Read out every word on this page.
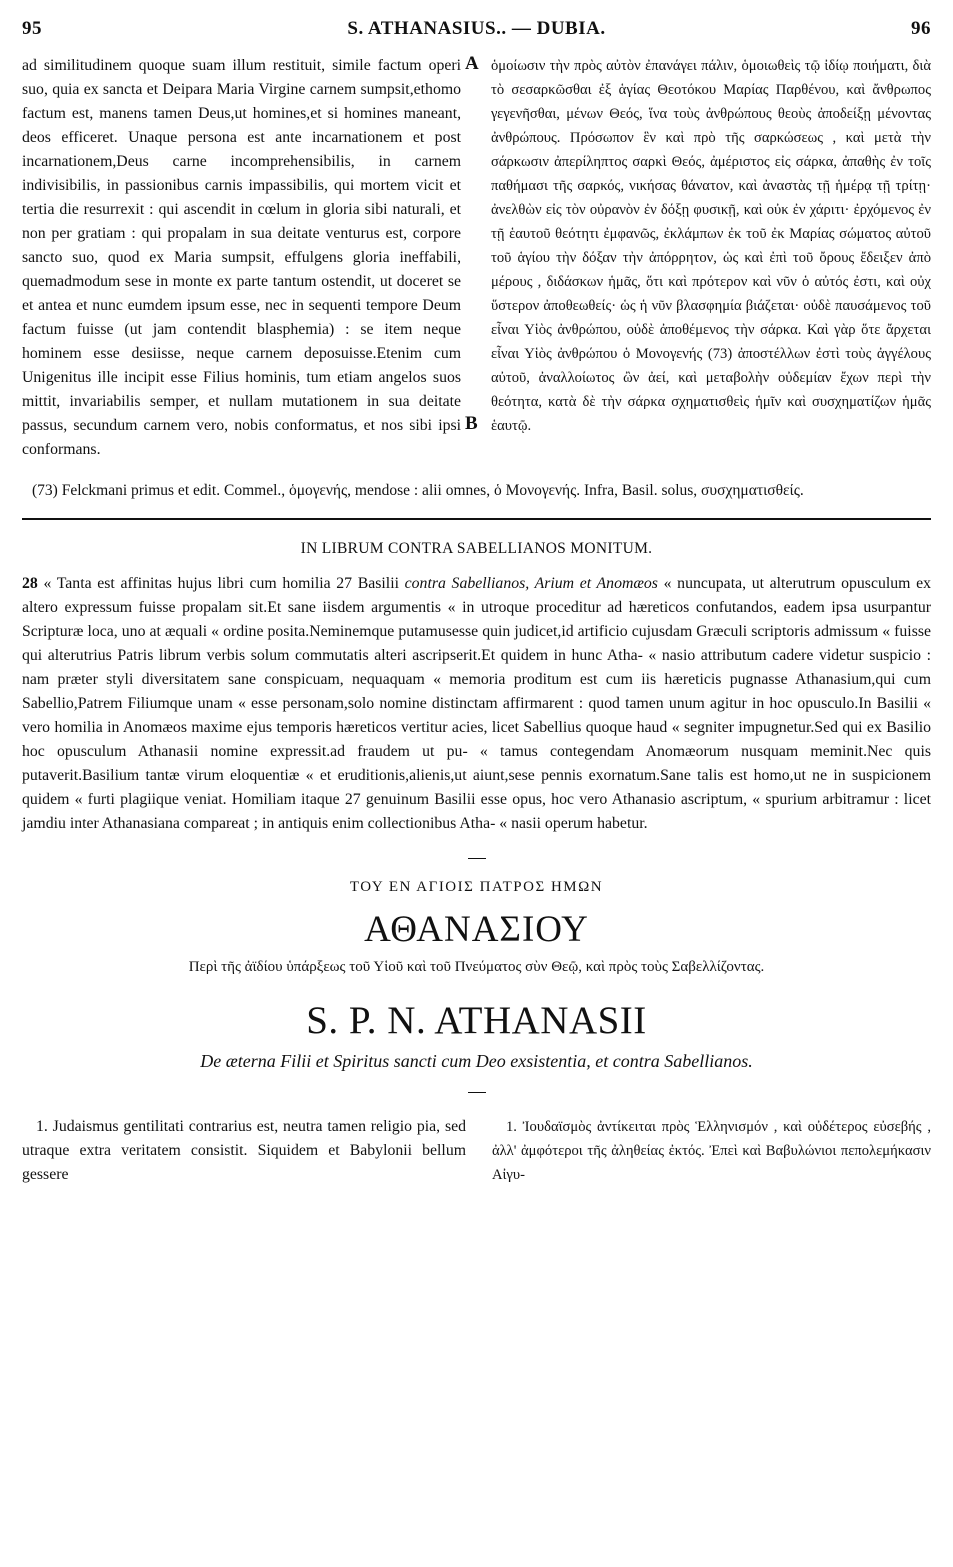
95	S. ATHANASIUS.. — DUBIA.	96

ad similitudinem quoque suam illum restituit, simile factum operi suo, quia ex sancta et Deipara Maria Virgine carnem sumpsit,ethomo factum est, manens tamen Deus,ut homines,et si homines maneant, deos efficeret. Unaque persona est ante incarnationem et post incarnationem,Deus carne incomprehensibilis, in carnem indivisibilis, in passionibus carnis impassibilis, qui mortem vicit et tertia die resurrexit : qui ascendit in cœlum in gloria sibi naturali, et non per gratiam : qui propalam in sua deitate venturus est, corpore sancto suo, quod ex Maria sumpsit, effulgens gloria ineffabili, quemadmodum sese in monte ex parte tantum ostendit, ut doceret se et antea et nunc eumdem ipsum esse, nec in sequenti tempore Deum factum fuisse (ut jam contendit blasphemia) : se item neque hominem esse desiisse, neque carnem deposuisse.Etenim cum Unigenitus ille incipit esse Filius hominis, tum etiam angelos suos mittit, invariabilis semper, et nullam mutationem in sua deitate passus, secundum carnem vero, nobis conformatus, et nos sibi ipsi conformans.

A
B

ὁμοίωσιν τὴν πρὸς αὐτὸν ἐπανάγει πάλιν, ὁμοιωθεὶς τῷ ἰδίῳ ποιήματι, διὰ τὸ σεσαρκῶσθαι ἐξ ἁγίας Θεοτόκου Μαρίας Παρθένου, καὶ ἄνθρωπος γεγενῆσθαι, μένων Θεός, ἵνα τοὺς ἀνθρώπους θεοὺς ἀποδείξῃ μένοντας ἀνθρώπους. Πρόσωπον ἓν καὶ πρὸ τῆς σαρκώσεως , καὶ μετὰ τὴν σάρκωσιν ἀπερίληπτος σαρκὶ Θεός, ἀμέριστος εἰς σάρκα, ἀπαθὴς ἐν τοῖς παθήμασι τῆς σαρκός, νικήσας θάνατον, καὶ ἀναστὰς τῇ ἡμέρᾳ τῇ τρίτῃ· ἀνελθὼν εἰς τὸν οὐρανὸν ἐν δόξῃ φυσικῇ, καὶ οὐκ ἐν χάριτι· ἐρχόμενος ἐν τῇ ἑαυτοῦ θεότητι ἐμφανῶς, ἐκλάμπων ἐκ τοῦ ἐκ Μαρίας σώματος αὐτοῦ τοῦ ἁγίου τὴν δόξαν τὴν ἀπόρρητον, ὡς καὶ ἐπὶ τοῦ ὄρους ἔδειξεν ἀπὸ μέρους , διδάσκων ἡμᾶς, ὅτι καὶ πρότερον καὶ νῦν ὁ αὐτός ἐστι, καὶ οὐχ ὕστερον ἀποθεωθείς· ὡς ἡ νῦν βλασφημία βιάζεται· οὐδὲ παυσάμενος τοῦ εἶναι Υἱὸς ἀνθρώπου, οὐδὲ ἀποθέμενος τὴν σάρκα. Καὶ γὰρ ὅτε ἄρχεται εἶναι Υἱὸς ἀνθρώπου ὁ Μονογενής (73) ἀποστέλλων ἐστὶ τοὺς ἀγγέλους αὐτοῦ, ἀναλλοίωτος ὢν ἀεί, καὶ μεταβολὴν οὐδεμίαν ἔχων περὶ τὴν θεότητα, κατὰ δὲ τὴν σάρκα σχηματισθεὶς ἡμῖν καὶ συσχηματίζων ἡμᾶς ἑαυτῷ.

(73) Felckmani primus et edit. Commel., ὁμογενής, mendose : alii omnes, ὁ Μονογενής. Infra, Basil. solus, συσχηματισθείς.
IN LIBRUM CONTRA SABELLIANOS MONITUM.

28 « Tanta est affinitas hujus libri cum homilia 27 Basilii contra Sabellianos, Arium et Anomæos « nuncupata, ut alterutrum opusculum ex altero expressum fuisse propalam sit.Et sane iisdem argumentis « in utroque proceditur ad hæreticos confutandos, eadem ipsa usurpantur Scripturæ loca, uno at æquali « ordine posita.Neminemque putamusesse quin judicet,id artificio cujusdam Græculi scriptoris admissum « fuisse qui alterutrius Patris librum verbis solum commutatis alteri ascripserit.Et quidem in hunc Atha- « nasio attributum cadere videtur suspicio : nam præter styli diversitatem sane conspicuam, nequaquam « memoria proditum est cum iis hæreticis pugnasse Athanasium,qui cum Sabellio,Patrem Filiumque unam « esse personam,solo nomine distinctam affirmarent : quod tamen unum agitur in hoc opusculo.In Basilii « vero homilia in Anomæos maxime ejus temporis hæreticos vertitur acies, licet Sabellius quoque haud « segniter impugnetur.Sed qui ex Basilio hoc opusculum Athanasii nomine expressit.ad fraudem ut pu- « tamus contegendam Anomæorum nusquam meminit.Nec quis putaverit.Basilium tantæ virum eloquentiæ « et eruditionis,alienis,ut aiunt,sese pennis exornatum.Sane talis est homo,ut ne in suspicionem quidem « furti plagiique veniat. Homiliam itaque 27 genuinum Basilii esse opus, hoc vero Athanasio ascriptum, « spurium arbitramur : licet jamdiu inter Athanasiana compareat ; in antiquis enim collectionibus Atha- « nasii operum habetur.

ΤΟΥ ΕΝ ΑΓΙΟΙΣ ΠΑΤΡΟΣ ΗΜΩΝ
ΑΘΑΝΑΣΙΟΥ
Περὶ τῆς ἀϊδίου ὑπάρξεως τοῦ Υἱοῦ καὶ τοῦ Πνεύματος σὺν Θεῷ, καὶ πρὸς τοὺς Σαβελλίζοντας.
S. P. N. ATHANASII
De æterna Filii et Spiritus sancti cum Deo exsistentia, et contra Sabellianos.

1. Judaismus gentilitati contrarius est, neutra tamen religio pia, sed utraque extra veritatem consistit. Siquidem et Babylonii bellum gessere

1. Ἰουδαϊσμὸς ἀντίκειται πρὸς Ἑλληνισμόν , καὶ οὐδέτερος εὐσεβής , ἀλλ' ἀμφότεροι τῆς ἀληθείας ἐκτός. Ἐπεὶ καὶ Βαβυλώνιοι πεπολεμήκασιν Αἰγυ-
